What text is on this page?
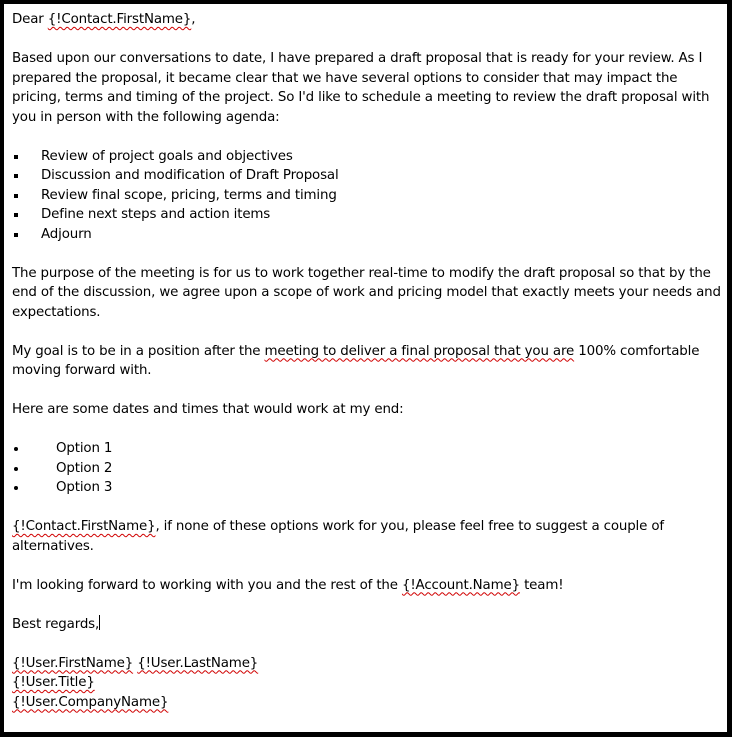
Dear {!Contact.FirstName},

Based upon our conversations to date, I have prepared a draft proposal that is ready for your review. As I prepared the proposal, it became clear that we have several options to consider that may impact the pricing, terms and timing of the project. So I'd like to schedule a meeting to review the draft proposal with you in person with the following agenda:

Review of project goals and objectives
Discussion and modification of Draft Proposal
Review final scope, pricing, terms and timing
Define next steps and action items
Adjourn

The purpose of the meeting is for us to work together real-time to modify the draft proposal so that by the end of the discussion, we agree upon a scope of work and pricing model that exactly meets your needs and expectations.

My goal is to be in a position after the meeting to deliver a final proposal that you are 100% comfortable moving forward with.

Here are some dates and times that would work at my end:

Option 1
Option 2
Option 3

{!Contact.FirstName}, if none of these options work for you, please feel free to suggest a couple of alternatives.

I'm looking forward to working with you and the rest of the {!Account.Name} team!

Best regards,

{!User.FirstName} {!User.LastName}

{!User.Title}

{!User.CompanyName}
